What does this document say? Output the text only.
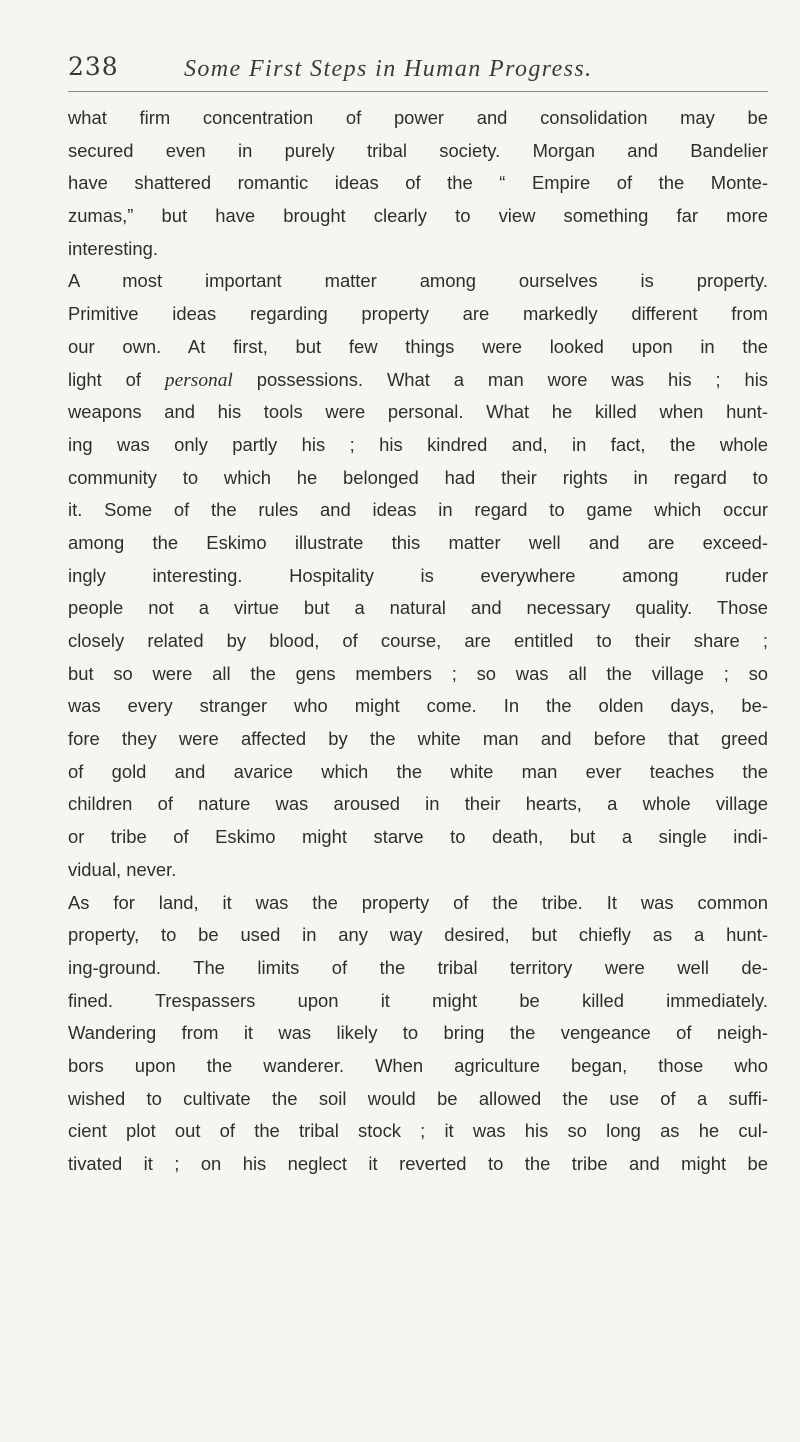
238	Some First Steps in Human Progress.
what firm concentration of power and consolidation may be
secured even in purely tribal society. Morgan and Bandelier
have shattered romantic ideas of the “ Empire of the Monte-
zumas,” but have brought clearly to view something far more
interesting.
A most important matter among ourselves is property.
Primitive ideas regarding property are markedly different from
our own. At first, but few things were looked upon in the
light of personal possessions. What a man wore was his ; his
weapons and his tools were personal. What he killed when hunt-
ing was only partly his ; his kindred and, in fact, the whole
community to which he belonged had their rights in regard to
it. Some of the rules and ideas in regard to game which occur
among the Eskimo illustrate this matter well and are exceed-
ingly interesting. Hospitality is everywhere among ruder
people not a virtue but a natural and necessary quality. Those
closely related by blood, of course, are entitled to their share ;
but so were all the gens members ; so was all the village ; so
was every stranger who might come. In the olden days, be-
fore they were affected by the white man and before that greed
of gold and avarice which the white man ever teaches the
children of nature was aroused in their hearts, a whole village
or tribe of Eskimo might starve to death, but a single indi-
vidual, never.
As for land, it was the property of the tribe. It was common
property, to be used in any way desired, but chiefly as a hunt-
ing-ground. The limits of the tribal territory were well de-
fined. Trespassers upon it might be killed immediately.
Wandering from it was likely to bring the vengeance of neigh-
bors upon the wanderer. When agriculture began, those who
wished to cultivate the soil would be allowed the use of a suffi-
cient plot out of the tribal stock ; it was his so long as he cul-
tivated it ; on his neglect it reverted to the tribe and might be
